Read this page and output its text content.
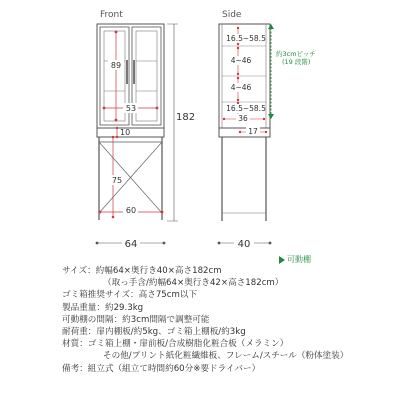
Front	Side
89
53
10
75
60
182
64
16.5~58.5
4~46
4~46
16.5~58.5
36
17
約3cmピッチ
(19 段階)
40
可動棚
サイズ：約幅64×奥行き40×高さ182cm
（取っ手含/約幅64×奥行き42×高さ182cm）
ゴミ箱推奨サイズ：高さ75cm以下
製品重量：約29.3kg
可動棚の間隔：約3cm間隔で調整可能
耐荷重：扉内棚板/約5kg、ゴミ箱上棚板/約3kg
材質：ゴミ箱上棚・扉前板/合成樹脂化粧合板（メラミン）
その他/プリント紙化粧繊維板、フレーム/スチール（粉体塗装）
備考：組立式（組立て時間約60分※要ドライバー）
